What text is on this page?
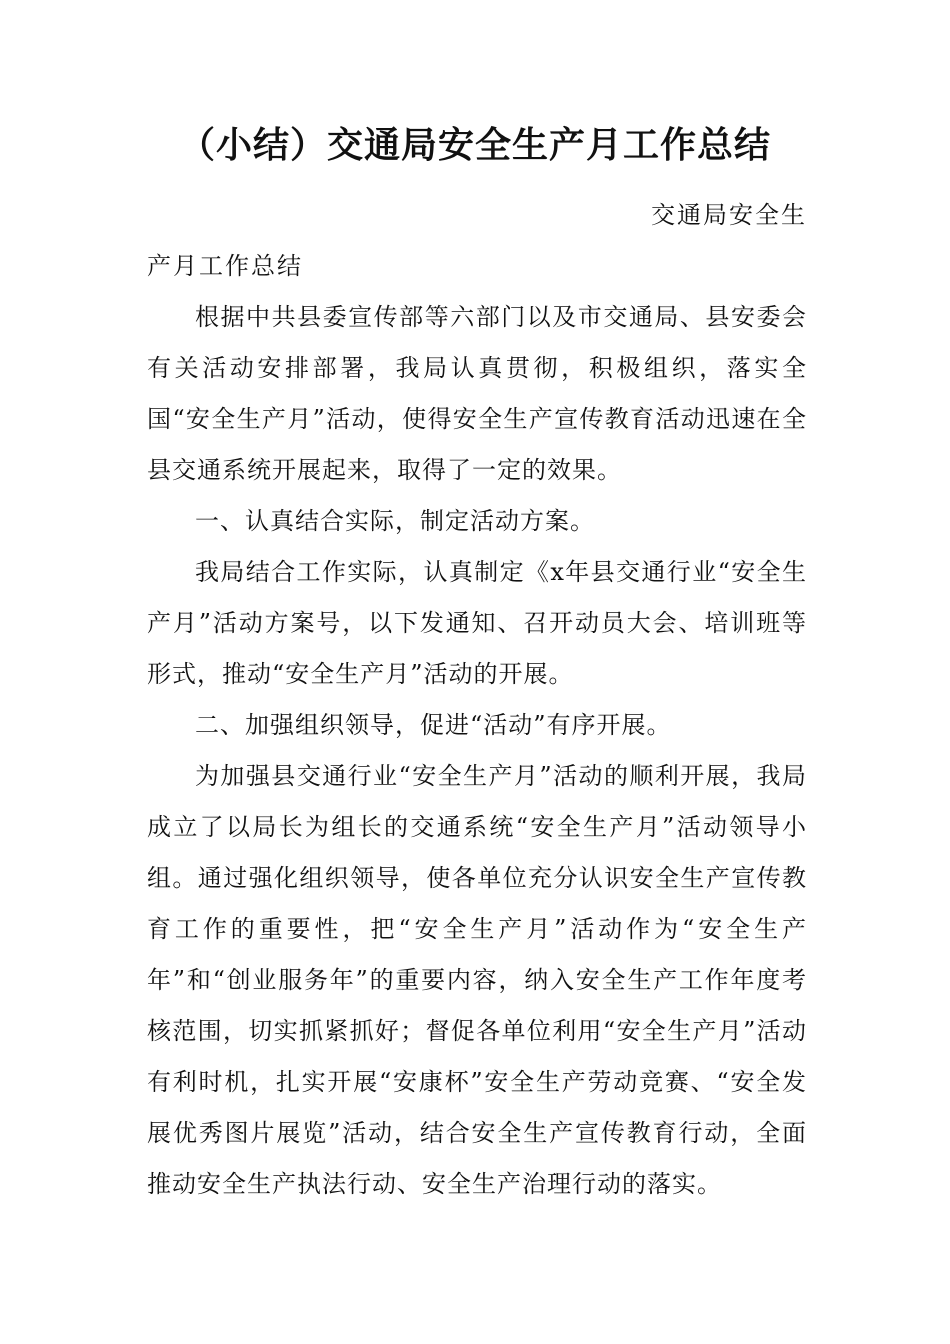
（小结）交通局安全生产月工作总结

交通局安全生

产月工作总结

根据中共县委宣传部等六部门以及市交通局、县安委会有关活动安排部署，我局认真贯彻，积极组织，落实全国“安全生产月”活动，使得安全生产宣传教育活动迅速在全县交通系统开展起来，取得了一定的效果。

一、认真结合实际，制定活动方案。

我局结合工作实际，认真制定《x年县交通行业“安全生产月”活动方案号，以下发通知、召开动员大会、培训班等形式，推动“安全生产月”活动的开展。

二、加强组织领导，促进“活动”有序开展。

为加强县交通行业“安全生产月”活动的顺利开展，我局成立了以局长为组长的交通系统“安全生产月”活动领导小组。通过强化组织领导，使各单位充分认识安全生产宣传教育工作的重要性，把“安全生产月”活动作为“安全生产年”和“创业服务年”的重要内容，纳入安全生产工作年度考核范围，切实抓紧抓好；督促各单位利用“安全生产月”活动有利时机，扎实开展“安康杯”安全生产劳动竞赛、“安全发展优秀图片展览”活动，结合安全生产宣传教育行动，全面推动安全生产执法行动、安全生产治理行动的落实。
